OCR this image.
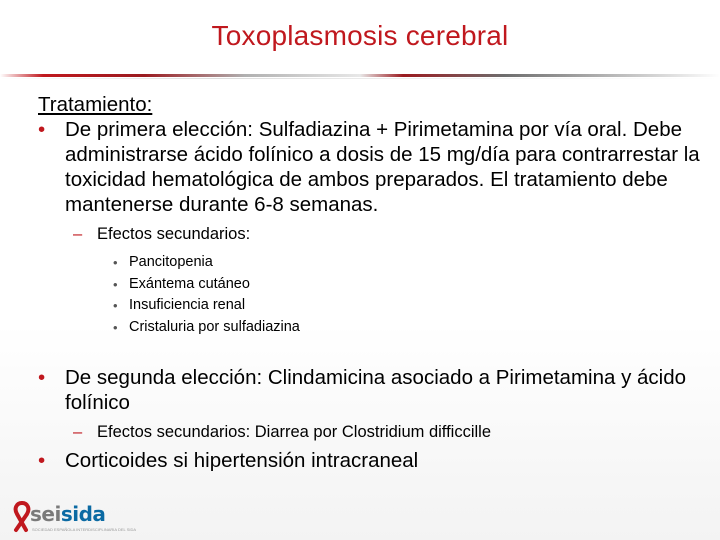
Toxoplasmosis cerebral
Tratamiento:
• De primera elección: Sulfadiazina + Pirimetamina por vía oral. Debe administrarse ácido folínico a dosis de 15 mg/día para contrarrestar la toxicidad hematológica de ambos preparados. El tratamiento debe mantenerse durante 6-8 semanas.
– Efectos secundarios:
• Pancitopenia
• Exántema cutáneo
• Insuficiencia renal
• Cristaluria por sulfadiazina
• De segunda elección: Clindamicina asociado a Pirimetamina y ácido folínico
– Efectos secundarios: Diarrea por Clostridium difficcille
• Corticoides si hipertensión intracraneal
seisida
SOCIEDAD ESPAÑOLA INTERDISCIPLINARIA DEL SIDA
